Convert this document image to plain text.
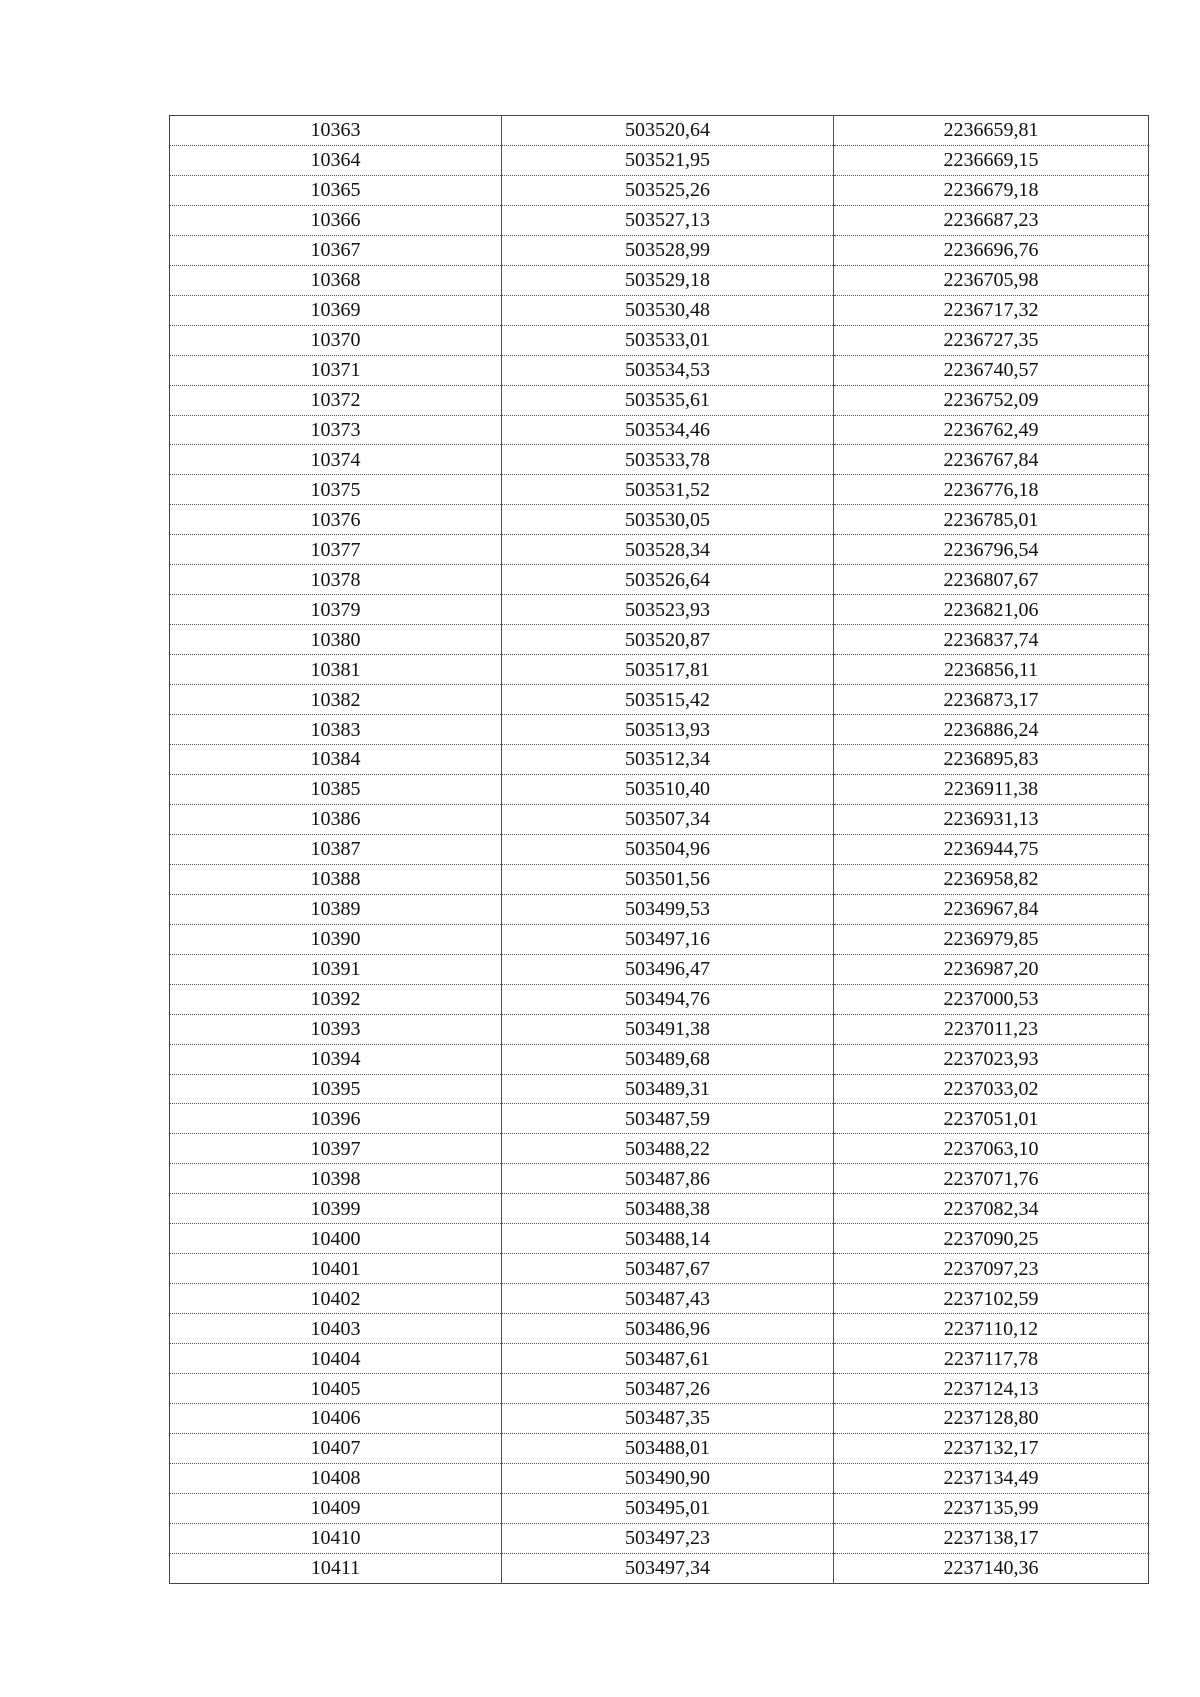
10363	503520,64	2236659,81
10364	503521,95	2236669,15
10365	503525,26	2236679,18
10366	503527,13	2236687,23
10367	503528,99	2236696,76
10368	503529,18	2236705,98
10369	503530,48	2236717,32
10370	503533,01	2236727,35
10371	503534,53	2236740,57
10372	503535,61	2236752,09
10373	503534,46	2236762,49
10374	503533,78	2236767,84
10375	503531,52	2236776,18
10376	503530,05	2236785,01
10377	503528,34	2236796,54
10378	503526,64	2236807,67
10379	503523,93	2236821,06
10380	503520,87	2236837,74
10381	503517,81	2236856,11
10382	503515,42	2236873,17
10383	503513,93	2236886,24
10384	503512,34	2236895,83
10385	503510,40	2236911,38
10386	503507,34	2236931,13
10387	503504,96	2236944,75
10388	503501,56	2236958,82
10389	503499,53	2236967,84
10390	503497,16	2236979,85
10391	503496,47	2236987,20
10392	503494,76	2237000,53
10393	503491,38	2237011,23
10394	503489,68	2237023,93
10395	503489,31	2237033,02
10396	503487,59	2237051,01
10397	503488,22	2237063,10
10398	503487,86	2237071,76
10399	503488,38	2237082,34
10400	503488,14	2237090,25
10401	503487,67	2237097,23
10402	503487,43	2237102,59
10403	503486,96	2237110,12
10404	503487,61	2237117,78
10405	503487,26	2237124,13
10406	503487,35	2237128,80
10407	503488,01	2237132,17
10408	503490,90	2237134,49
10409	503495,01	2237135,99
10410	503497,23	2237138,17
10411	503497,34	2237140,36
